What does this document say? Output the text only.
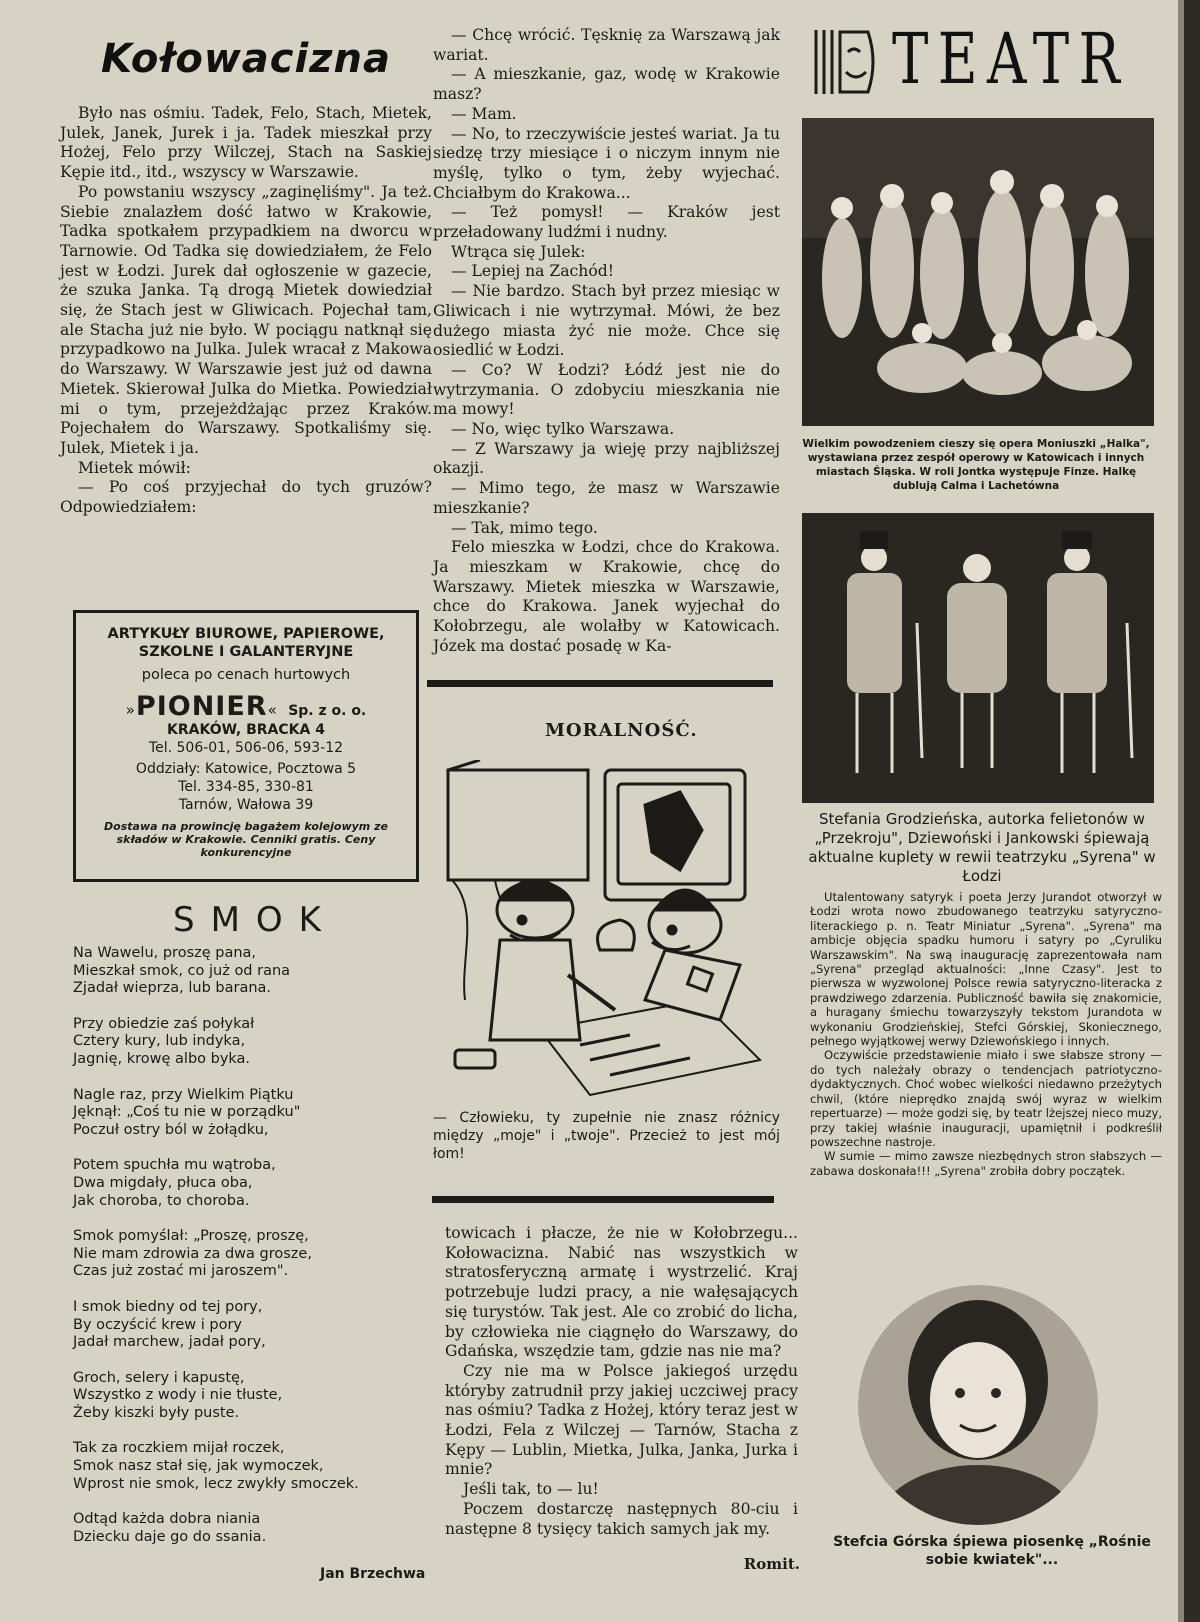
Kołowacizna

Było nas ośmiu. Tadek, Felo, Stach, Mietek, Julek, Janek, Jurek i ja. Tadek mieszkał przy Hożej, Felo przy Wilczej, Stach na Saskiej Kępie itd., itd., wszyscy w Warszawie.

Po powstaniu wszyscy „zaginęliśmy". Ja też. Siebie znalazłem dość łatwo w Krakowie, Tadka spotkałem przypadkiem na dworcu w Tarnowie. Od Tadka się dowiedziałem, że Felo jest w Łodzi. Jurek dał ogłoszenie w gazecie, że szuka Janka. Tą drogą Mietek dowiedział się, że Stach jest w Gliwicach. Pojechał tam, ale Stacha już nie było. W pociągu natknął się przypadkowo na Julka. Julek wracał z Makowa do Warszawy. W Warszawie jest już od dawna Mietek. Skierował Julka do Mietka. Powiedział mi o tym, przejeżdżając przez Kraków. Pojechałem do Warszawy. Spotkaliśmy się. Julek, Mietek i ja.

Mietek mówił:

— Po coś przyjechał do tych gruzów? Odpowiedziałem:

ARTYKUŁY BIUROWE, PAPIEROWE, SZKOLNE I GALANTERYJNE
poleca po cenach hurtowych
»PIONIER« Sp. z o. o.
KRAKÓW, BRACKA 4
Tel. 506-01, 506-06, 593-12
Oddziały: Katowice, Pocztowa 5
Tel. 334-85, 330-81
Tarnów, Wałowa 39
Dostawa na prowincję bagażem kolejowym ze składów w Krakowie. Cenniki gratis. Ceny konkurencyjne
SMOK
Na Wawelu, proszę pana,
Mieszkał smok, co już od rana
Zjadał wieprza, lub barana.
Przy obiedzie zaś połykał
Cztery kury, lub indyka,
Jagnię, krowę albo byka.
Nagle raz, przy Wielkim Piątku
Jęknął: „Coś tu nie w porządku"
Poczuł ostry ból w żołądku,
Potem spuchła mu wątroba,
Dwa migdały, płuca oba,
Jak choroba, to choroba.
Smok pomyślał: „Proszę, proszę,
Nie mam zdrowia za dwa grosze,
Czas już zostać mi jaroszem".
I smok biedny od tej pory,
By oczyścić krew i pory
Jadał marchew, jadał pory,
Groch, selery i kapustę,
Wszystko z wody i nie tłuste,
Żeby kiszki były puste.
Tak za roczkiem mijał roczek,
Smok nasz stał się, jak wymoczek,
Wprost nie smok, lecz zwykły smoczek.
Odtąd każda dobra niania
Dziecku daje go do ssania.
Jan Brzechwa

— Chcę wrócić. Tęsknię za Warszawą jak wariat.

— A mieszkanie, gaz, wodę w Krakowie masz?

— Mam.

— No, to rzeczywiście jesteś wariat. Ja tu siedzę trzy miesiące i o niczym innym nie myślę, tylko o tym, żeby wyjechać. Chciałbym do Krakowa...

— Też pomysł! — Kraków jest przeładowany ludźmi i nudny.

Wtrąca się Julek:

— Lepiej na Zachód!

— Nie bardzo. Stach był przez miesiąc w Gliwicach i nie wytrzymał. Mówi, że bez dużego miasta żyć nie może. Chce się osiedlić w Łodzi.

— Co? W Łodzi? Łódź jest nie do wytrzymania. O zdobyciu mieszkania nie ma mowy!

— No, więc tylko Warszawa.

— Z Warszawy ja wieję przy najbliższej okazji.

— Mimo tego, że masz w Warszawie mieszkanie?

— Tak, mimo tego.

Felo mieszka w Łodzi, chce do Krakowa. Ja mieszkam w Krakowie, chcę do Warszawy. Mietek mieszka w Warszawie, chce do Krakowa. Janek wyjechał do Kołobrzegu, ale wolałby w Katowicach. Józek ma dostać posadę w Ka-

MORALNOŚĆ.
— Człowieku, ty zupełnie nie znasz różnicy między „moje" i „twoje". Przecież to jest mój łom!

towicach i płacze, że nie w Kołobrzegu... Kołowacizna. Nabić nas wszystkich w stratosferyczną armatę i wystrzelić. Kraj potrzebuje ludzi pracy, a nie wałęsających się turystów. Tak jest. Ale co zrobić do licha, by człowieka nie ciągnęło do Warszawy, do Gdańska, wszędzie tam, gdzie nas nie ma?

Czy nie ma w Polsce jakiegoś urzędu któryby zatrudnił przy jakiej uczciwej pracy nas ośmiu? Tadka z Hożej, który teraz jest w Łodzi, Fela z Wilczej — Tarnów, Stacha z Kępy — Lublin, Mietka, Julka, Janka, Jurka i mnie?

Jeśli tak, to — lu!

Poczem dostarczę następnych 80-ciu i następne 8 tysięcy takich samych jak my.

Romit.
TEATR
Wielkim powodzeniem cieszy się opera Moniuszki „Halka", wystawiana przez zespół operowy w Katowicach i innych miastach Śląska. W roli Jontka występuje Finze. Halkę dublują Calma i Lachetówna
Stefania Grodzieńska, autorka felietonów w „Przekroju", Dziewoński i Jankowski śpiewają aktualne kuplety w rewii teatrzyku „Syrena" w Łodzi

Utalentowany satyryk i poeta Jerzy Jurandot otworzył w Łodzi wrota nowo zbudowanego teatrzyku satyryczno-literackiego p. n. Teatr Miniatur „Syrena". „Syrena" ma ambicje objęcia spadku humoru i satyry po „Cyruliku Warszawskim". Na swą inaugurację zaprezentowała nam „Syrena" przegląd aktualności: „Inne Czasy". Jest to pierwsza w wyzwolonej Polsce rewia satyryczno-literacka z prawdziwego zdarzenia. Publiczność bawiła się znakomicie, a huragany śmiechu towarzyszyły tekstom Jurandota w wykonaniu Grodzieńskiej, Stefci Górskiej, Skoniecznego, pełnego wyjątkowej werwy Dziewońskiego i innych.

Oczywiście przedstawienie miało i swe słabsze strony — do tych należały obrazy o tendencjach patriotyczno-dydaktycznych. Choć wobec wielkości niedawno przeżytych chwil, (które nieprędko znajdą swój wyraz w wielkim repertuarze) — może godzi się, by teatr lżejszej nieco muzy, przy takiej właśnie inauguracji, upamiętnił i podkreślił powszechne nastroje.

W sumie — mimo zawsze niezbędnych stron słabszych — zabawa doskonała!!! „Syrena" zrobiła dobry początek.

Stefcia Górska śpiewa piosenkę „Rośnie sobie kwiatek"...
